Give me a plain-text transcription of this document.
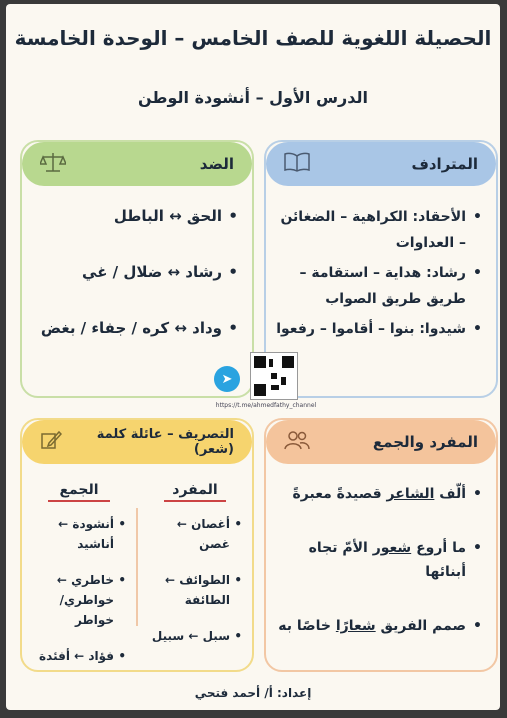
الحصيلة اللغوية للصف الخامس – الوحدة الخامسة
الدرس الأول – أنشودة الوطن
المترادف
• الأحقاد: الكراهية – الضغائن – العداوات
• رشاد: هداية – استقامة – طريق طريق الصواب
• شيدوا: بنوا – أقاموا – رفعوا
الضد
• الحق ↔ الباطل
• رشاد ↔ ضلال / غي
• وداد ↔ كره / جفاء / بغض
➤
https://t.me/ahmedfathy_channel
المفرد والجمع
• ألّف الشاعر قصيدةً معبرةً
• ما أروع شعور الأمّ تجاه أبنائها
• صمم الفريق شعارًا خاصًا به
التصريف – عائلة كلمة (شعر)
المفرد
• أغصان ← غصن
• الطوائف ← الطائفة
• سبل ← سبيل
الجمع
• أنشودة ← أناشيد
• خاطري ← خواطري/ خواطر
• فؤاد ← أفئدة
إعداد: أ/ أحمد فتحي
